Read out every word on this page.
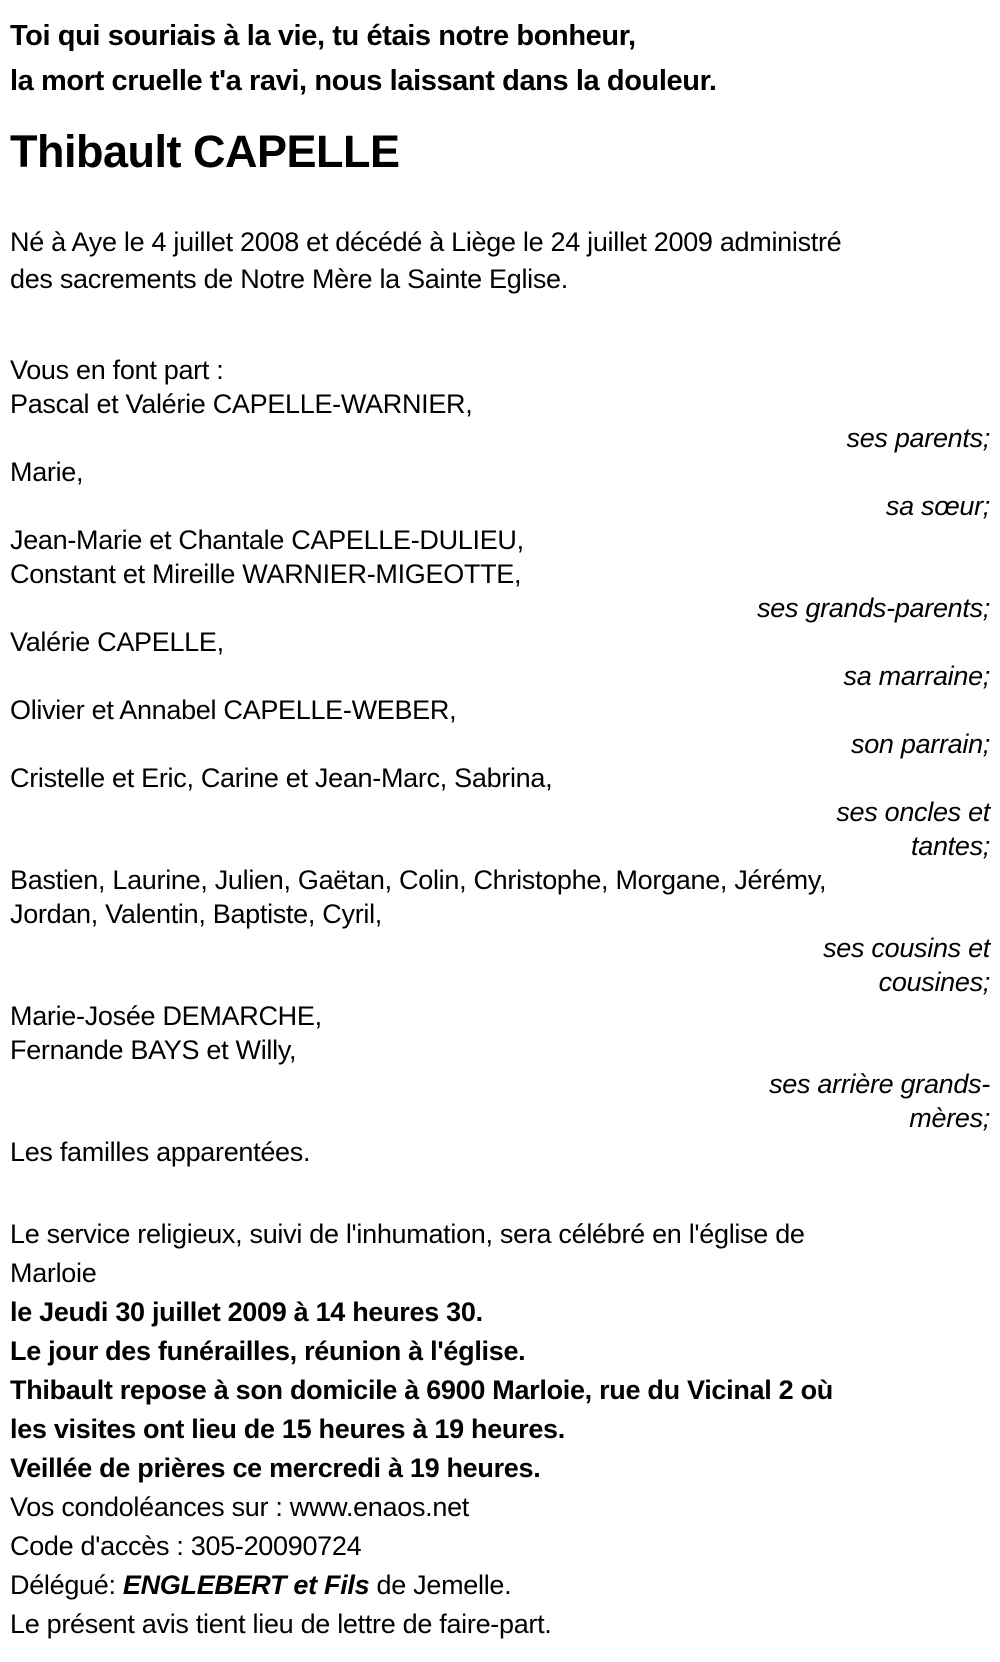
Toi qui souriais à la vie, tu étais notre bonheur,
la mort cruelle t'a ravi, nous laissant dans la douleur.
Thibault CAPELLE
Né à Aye le 4 juillet 2008 et décédé à Liège le 24 juillet 2009 administré
des sacrements de Notre Mère la Sainte Eglise.
Vous en font part :
Pascal et Valérie CAPELLE-WARNIER,
ses parents;
Marie,
sa sœur;
Jean-Marie et Chantale CAPELLE-DULIEU,
Constant et Mireille WARNIER-MIGEOTTE,
ses grands-parents;
Valérie CAPELLE,
sa marraine;
Olivier et Annabel CAPELLE-WEBER,
son parrain;
Cristelle et Eric, Carine et Jean-Marc, Sabrina,
ses oncles et
tantes;
Bastien, Laurine, Julien, Gaëtan, Colin, Christophe, Morgane, Jérémy,
Jordan, Valentin, Baptiste, Cyril,
ses cousins et
cousines;
Marie-Josée DEMARCHE,
Fernande BAYS et Willy,
ses arrière grands-
mères;
Les familles apparentées.
Le service religieux, suivi de l'inhumation, sera célébré en l'église de
Marloie
le Jeudi 30 juillet 2009 à 14 heures 30.
Le jour des funérailles, réunion à l'église.
Thibault repose à son domicile à 6900 Marloie, rue du Vicinal 2 où
les visites ont lieu de 15 heures à 19 heures.
Veillée de prières ce mercredi à 19 heures.
Vos condoléances sur : www.enaos.net
Code d'accès : 305-20090724
Délégué: ENGLEBERT et Fils de Jemelle.
Le présent avis tient lieu de lettre de faire-part.
